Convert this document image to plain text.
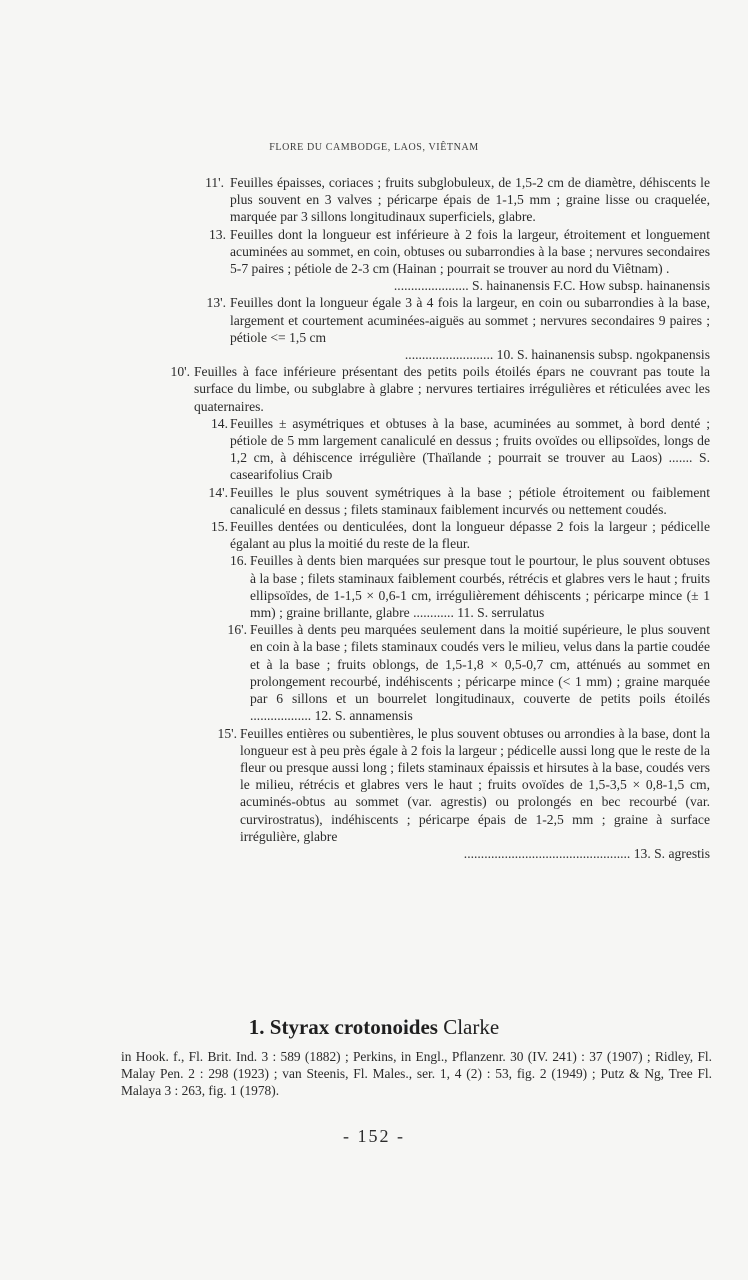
FLORE DU CAMBODGE, LAOS, VIÊTNAM
11'. Feuilles épaisses, coriaces ; fruits subglobuleux, de 1,5-2 cm de diamètre, déhiscents le plus souvent en 3 valves ; péricarpe épais de 1-1,5 mm ; graine lisse ou craquelée, marquée par 3 sillons longitudinaux superficiels, glabre.
13. Feuilles dont la longueur est inférieure à 2 fois la largeur, étroitement et longuement acuminées au sommet, en coin, obtuses ou subarrondies à la base ; nervures secondaires 5-7 paires ; pétiole de 2-3 cm (Hainan ; pourrait se trouver au nord du Viêtnam) .
...................... S. hainanensis F.C. How subsp. hainanensis
13'. Feuilles dont la longueur égale 3 à 4 fois la largeur, en coin ou subarrondies à la base, largement et courtement acuminées-aiguës au sommet ; nervures secondaires 9 paires ; pétiole <= 1,5 cm
.......................... 10. S. hainanensis subsp. ngokpanensis
10'. Feuilles à face inférieure présentant des petits poils étoilés épars ne couvrant pas toute la surface du limbe, ou subglabre à glabre ; nervures tertiaires irrégulières et réticulées avec les quaternaires.
14. Feuilles ± asymétriques et obtuses à la base, acuminées au sommet, à bord denté ; pétiole de 5 mm largement canaliculé en dessus ; fruits ovoïdes ou ellipsoïdes, longs de 1,2 cm, à déhiscence irrégulière (Thaïlande ; pourrait se trouver au Laos) ....... S. casearifolius Craib
14'. Feuilles le plus souvent symétriques à la base ; pétiole étroitement ou faiblement canaliculé en dessus ; filets staminaux faiblement incurvés ou nettement coudés.
15. Feuilles dentées ou denticulées, dont la longueur dépasse 2 fois la largeur ; pédicelle égalant au plus la moitié du reste de la fleur.
16. Feuilles à dents bien marquées sur presque tout le pourtour, le plus souvent obtuses à la base ; filets staminaux faiblement courbés, rétrécis et glabres vers le haut ; fruits ellipsoïdes, de 1-1,5 × 0,6-1 cm, irrégulièrement déhiscents ; péricarpe mince (± 1 mm) ; graine brillante, glabre ............ 11. S. serrulatus
16'. Feuilles à dents peu marquées seulement dans la moitié supérieure, le plus souvent en coin à la base ; filets staminaux coudés vers le milieu, velus dans la partie coudée et à la base ; fruits oblongs, de 1,5-1,8 × 0,5-0,7 cm, atténués au sommet en prolongement recourbé, indéhiscents ; péricarpe mince (< 1 mm) ; graine marquée par 6 sillons et un bourrelet longitudinaux, couverte de petits poils étoilés .................. 12. S. annamensis
15'. Feuilles entières ou subentières, le plus souvent obtuses ou arrondies à la base, dont la longueur est à peu près égale à 2 fois la largeur ; pédicelle aussi long que le reste de la fleur ou presque aussi long ; filets staminaux épaissis et hirsutes à la base, coudés vers le milieu, rétrécis et glabres vers le haut ; fruits ovoïdes de 1,5-3,5 × 0,8-1,5 cm, acuminés-obtus au sommet (var. agrestis) ou prolongés en bec recourbé (var. curvirostratus), indéhiscents ; péricarpe épais de 1-2,5 mm ; graine à surface irrégulière, glabre
................................................. 13. S. agrestis
1. Styrax crotonoides Clarke
in Hook. f., Fl. Brit. Ind. 3 : 589 (1882) ; Perkins, in Engl., Pflanzenr. 30 (IV. 241) : 37 (1907) ; Ridley, Fl. Malay Pen. 2 : 298 (1923) ; van Steenis, Fl. Males., ser. 1, 4 (2) : 53, fig. 2 (1949) ; Putz & Ng, Tree Fl. Malaya 3 : 263, fig. 1 (1978).
- 152 -
